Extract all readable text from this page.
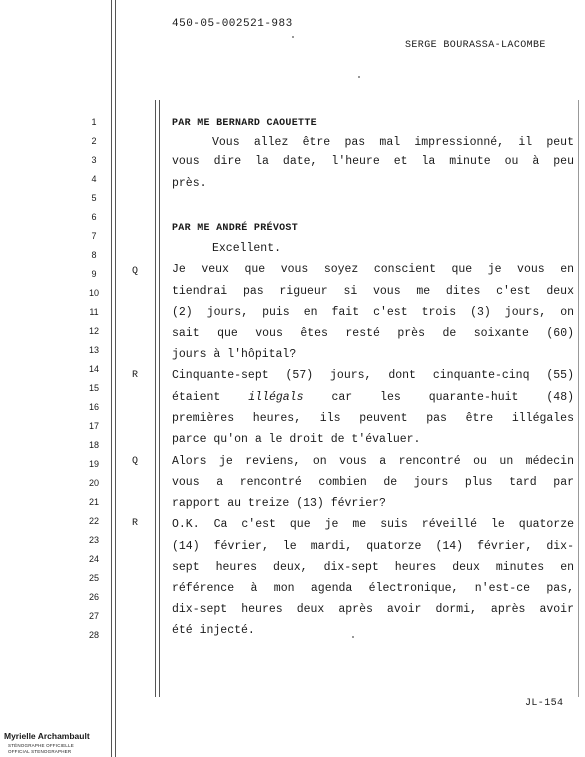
450-05-002521-983
SERGE BOURASSA-LACOMBE
1
2
3
4
5
6
7
8
9
10
11
12
13
14
15
16
17
18
19
20
21
22
23
24
25
26
27
28
Q
R
Q
R
PAR ME BERNARD CAOUETTE
Vous allez être pas mal impressionné, il peut
vous dire la date, l'heure et la minute ou à peu
près.
PAR ME ANDRÉ PRÉVOST
Excellent.
Je veux que vous soyez conscient que je vous en
tiendrai pas rigueur si vous me dites c'est deux
(2) jours, puis en fait c'est trois (3) jours, on
sait que vous êtes resté près de soixante (60)
jours à l'hôpital?
Cinquante-sept (57) jours, dont cinquante-cinq (55)
étaient illégals car les quarante-huit (48)
premières heures, ils peuvent pas être illégales
parce qu'on a le droit de t'évaluer.
Alors je reviens, on vous a rencontré ou un médecin
vous a rencontré combien de jours plus tard par
rapport au treize (13) février?
O.K. Ca c'est que je me suis réveillé le quatorze
(14) février, le mardi, quatorze (14) février, dix-
sept heures deux, dix-sept heures deux minutes en
référence à mon agenda électronique, n'est-ce pas,
dix-sept heures deux après avoir dormi, après avoir
été injecté.
JL-154
Myrielle Archambault
STÉNOGRAPHE OFFICIELLE
OFFICIAL STENOGRAPHER
